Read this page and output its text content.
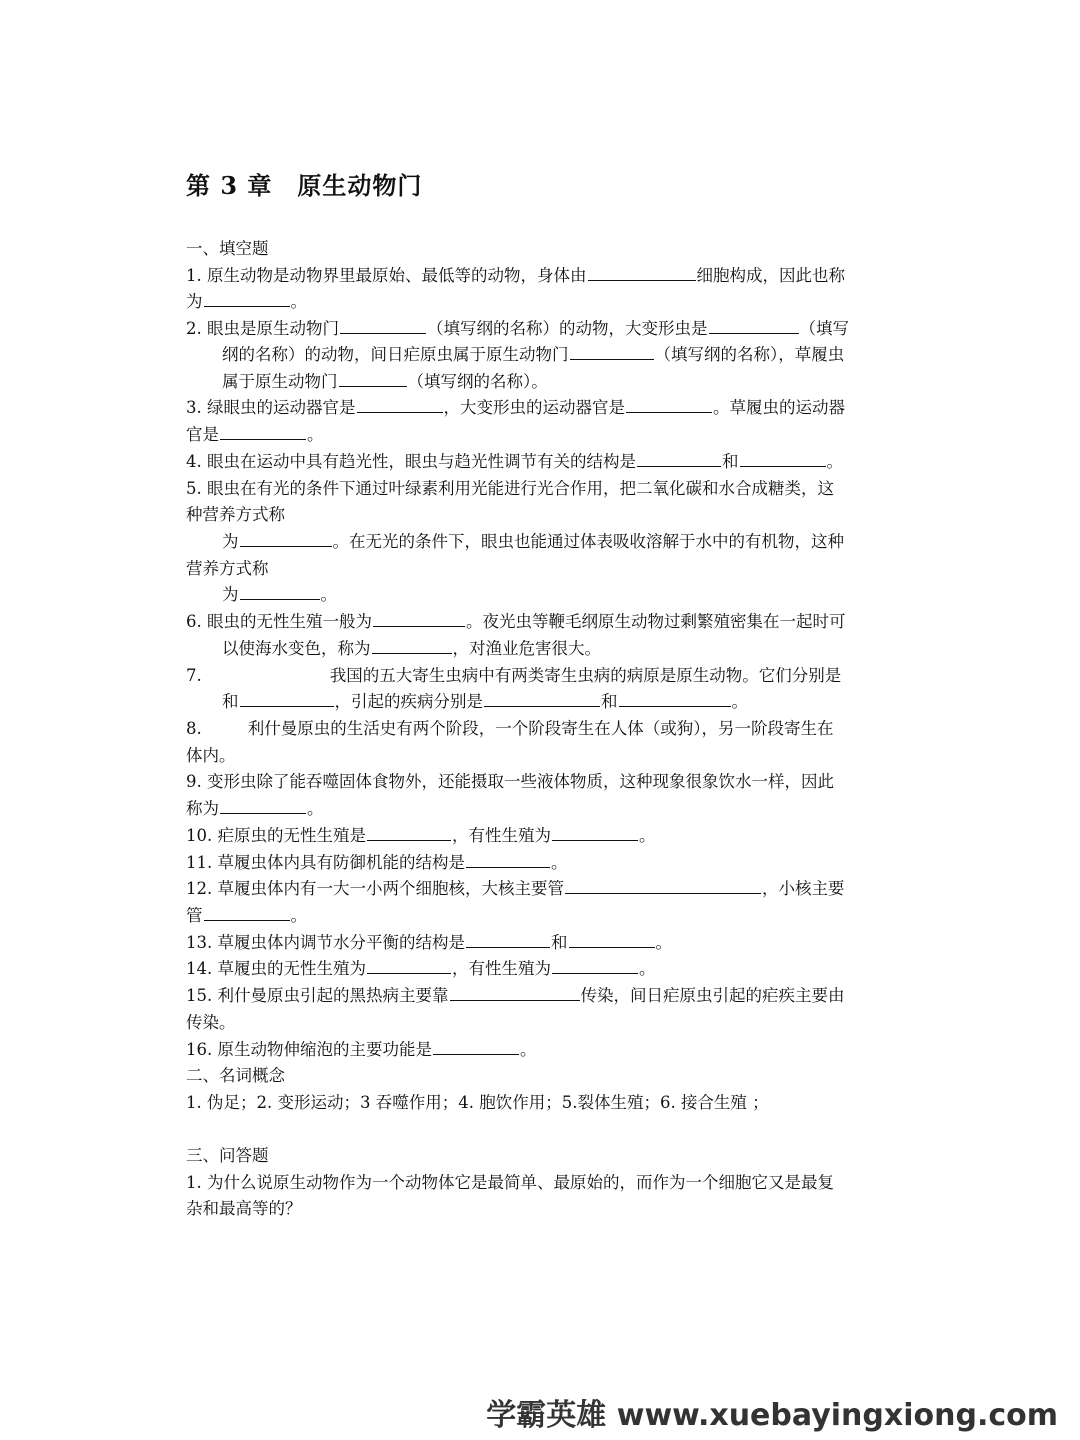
第 3 章　原生动物门
一、填空题
1. 原生动物是动物界里最原始、最低等的动物，身体由	细胞构成，因此也称
为	。
2. 眼虫是原生动物门	（填写纲的名称）的动物，大变形虫是	（填写
纲的名称）的动物，间日疟原虫属于原生动物门	（填写纲的名称），草履虫
属于原生动物门	（填写纲的名称）。
3. 绿眼虫的运动器官是	，大变形虫的运动器官是	。草履虫的运动器
官是	。
4. 眼虫在运动中具有趋光性，眼虫与趋光性调节有关的结构是	和	。
5. 眼虫在有光的条件下通过叶绿素利用光能进行光合作用，把二氧化碳和水合成糖类，这
种营养方式称
为	。在无光的条件下，眼虫也能通过体表吸收溶解于水中的有机物，这种
营养方式称
为	。
6. 眼虫的无性生殖一般为	。夜光虫等鞭毛纲原生动物过剩繁殖密集在一起时可
以使海水变色，称为	，对渔业危害很大。
7.	我国的五大寄生虫病中有两类寄生虫病的病原是原生动物。它们分别是
和	，引起的疾病分别是	和	。
8.	利什曼原虫的生活史有两个阶段，一个阶段寄生在人体（或狗），另一阶段寄生在
体内。
9. 变形虫除了能吞噬固体食物外，还能摄取一些液体物质，这种现象很象饮水一样，因此
称为	。
10. 疟原虫的无性生殖是	，有性生殖为	。
11. 草履虫体内具有防御机能的结构是	。
12. 草履虫体内有一大一小两个细胞核，大核主要管	，小核主要
管	。
13. 草履虫体内调节水分平衡的结构是	和	。
14. 草履虫的无性生殖为	，有性生殖为	。
15. 利什曼原虫引起的黑热病主要靠	传染，间日疟原虫引起的疟疾主要由
传染。
16. 原生动物伸缩泡的主要功能是	。
二、名词概念
1. 伪足；2. 变形运动；3 吞噬作用；4. 胞饮作用；5.裂体生殖；6. 接合生殖 ；
三、问答题
1. 为什么说原生动物作为一个动物体它是最简单、最原始的，而作为一个细胞它又是最复
杂和最高等的？
学霸英雄 www.xuebayingxiong.com
